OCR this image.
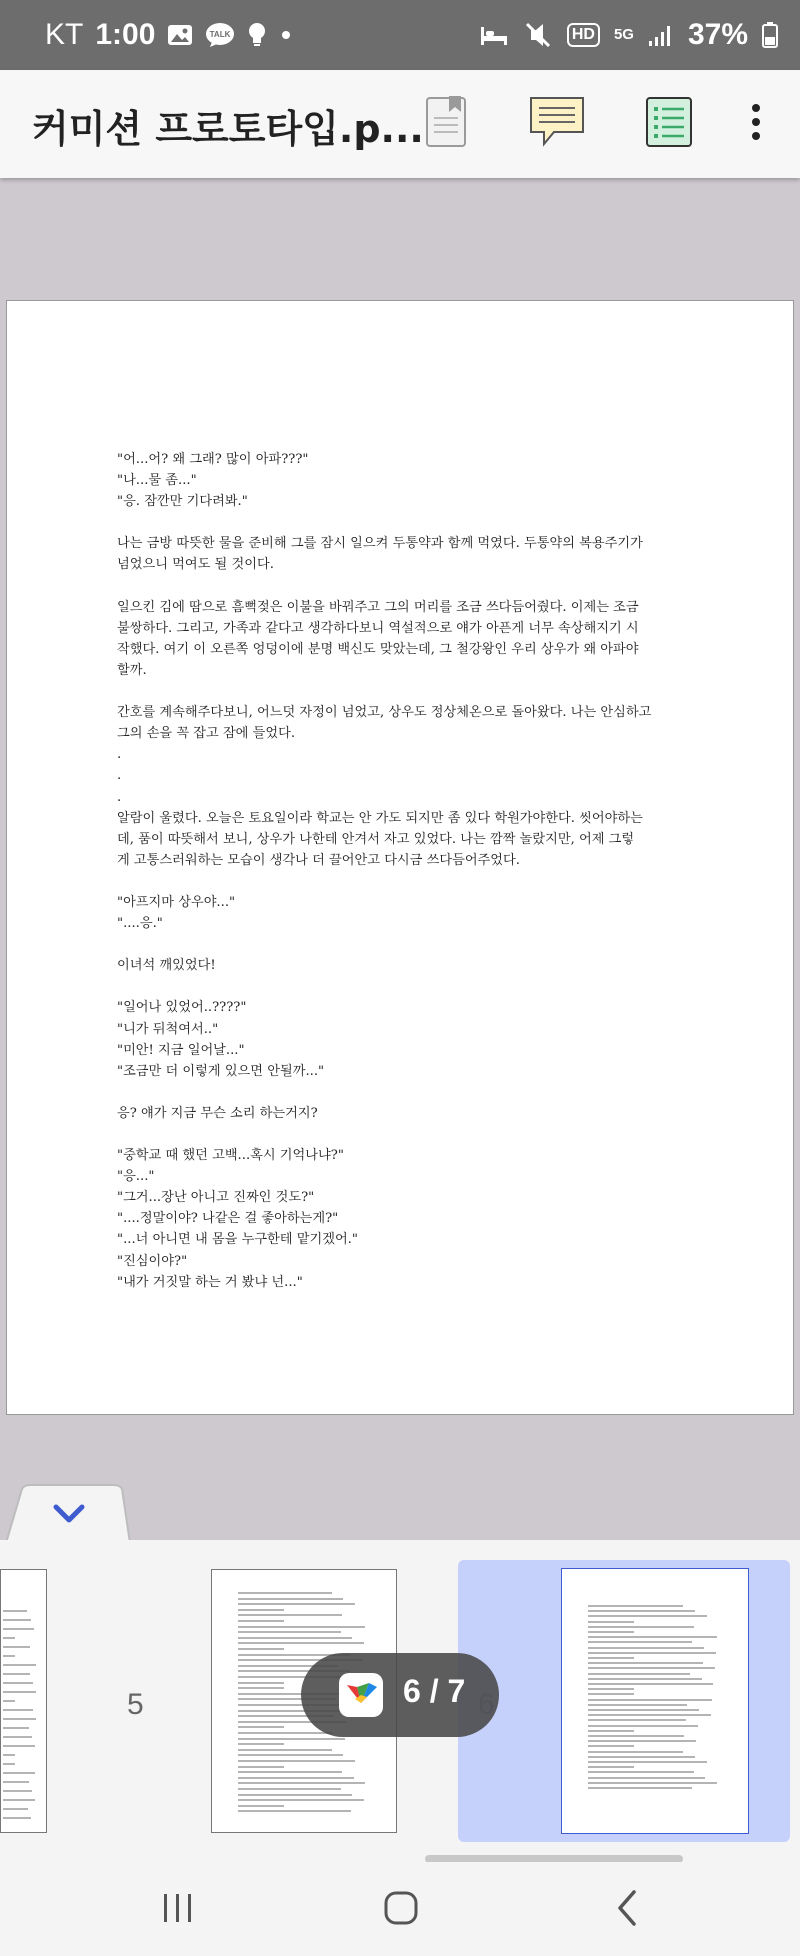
KT 1:00	TALK	HD	5G 37%
커미션 프로토타입.p...

"어...어? 왜 그래? 많이 아파???"

"나...물 좀..."

"응. 잠깐만 기다려봐."

나는 금방 따뜻한 물을 준비해 그를 잠시 일으켜 두통약과 함께 먹였다. 두통약의 복용주기가

넘었으니 먹여도 될 것이다.

일으킨 김에 땀으로 흠뻑젖은 이불을 바꿔주고 그의 머리를 조금 쓰다듬어줬다. 이제는 조금

불쌍하다. 그리고, 가족과 같다고 생각하다보니 역설적으로 얘가 아픈게 너무 속상해지기 시

작했다. 여기 이 오른쪽 엉덩이에 분명 백신도 맞았는데, 그 철강왕인 우리 상우가 왜 아파야

할까.

간호를 계속해주다보니, 어느덧 자정이 넘었고, 상우도 정상체온으로 돌아왔다. 나는 안심하고

그의 손을 꼭 잡고 잠에 들었다.

.

.

.

알람이 울렸다. 오늘은 토요일이라 학교는 안 가도 되지만 좀 있다 학원가야한다. 씻어야하는

데, 품이 따뜻해서 보니, 상우가 나한테 안겨서 자고 있었다. 나는 깜짝 놀랐지만, 어제 그렇

게 고통스러워하는 모습이 생각나 더 끌어안고 다시금 쓰다듬어주었다.

"아프지마 상우야..."

"....응."

이녀석 깨있었다!

"일어나 있었어..????"

"니가 뒤척여서.."

"미안! 지금 일어날..."

"조금만 더 이렇게 있으면 안될까..."

응? 얘가 지금 무슨 소리 하는거지?

"중학교 때 했던 고백...혹시 기억나냐?"

"응..."

"그거...장난 아니고 진짜인 것도?"

"....정말이야? 나같은 걸 좋아하는게?"

"...너 아니면 내 몸을 누구한테 맡기겠어."

"진심이야?"

"내가 거짓말 하는 거 봤냐 넌..."

5	6 / 7
